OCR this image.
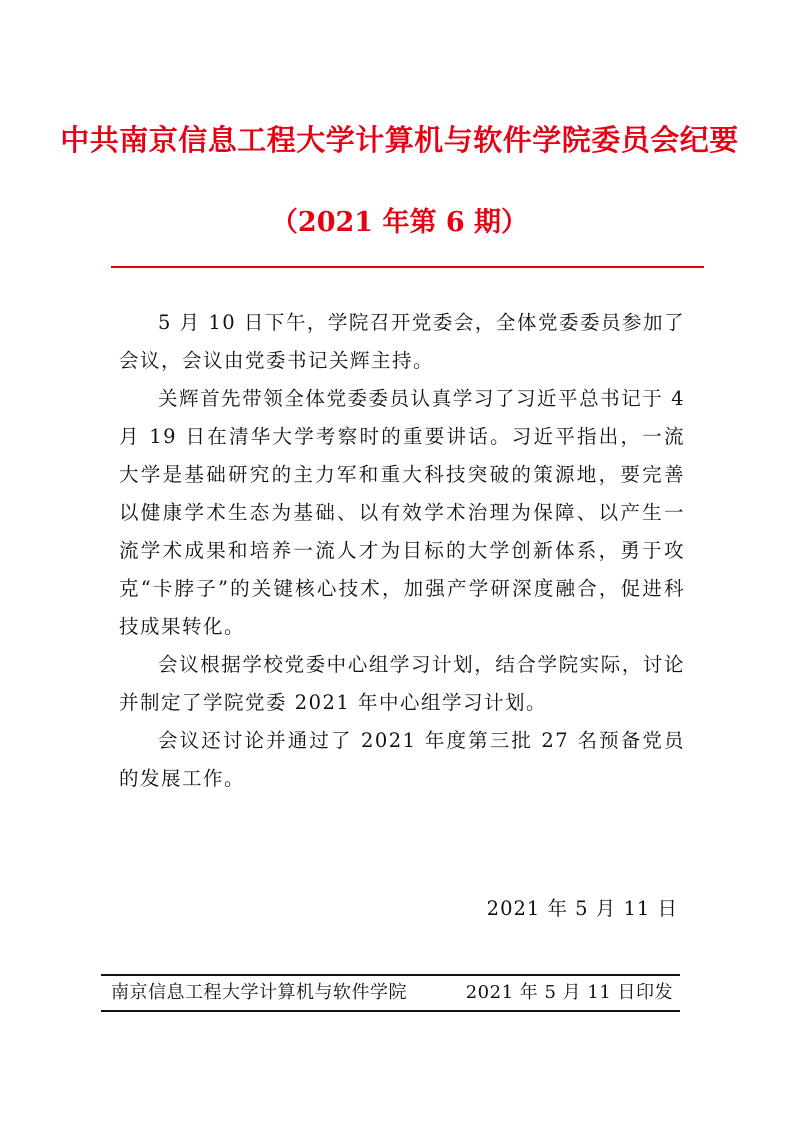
中共南京信息工程大学计算机与软件学院委员会纪要
（2021 年第 6 期）

5 月 10 日下午，学院召开党委会，全体党委委员参加了会议，会议由党委书记关辉主持。

关辉首先带领全体党委委员认真学习了习近平总书记于 4 月 19 日在清华大学考察时的重要讲话。习近平指出，一流大学是基础研究的主力军和重大科技突破的策源地，要完善以健康学术生态为基础、以有效学术治理为保障、以产生一流学术成果和培养一流人才为目标的大学创新体系，勇于攻克“卡脖子”的关键核心技术，加强产学研深度融合，促进科技成果转化。

会议根据学校党委中心组学习计划，结合学院实际，讨论并制定了学院党委 2021 年中心组学习计划。

会议还讨论并通过了 2021 年度第三批 27 名预备党员的发展工作。

2021 年 5 月 11 日
南京信息工程大学计算机与软件学院	2021 年 5 月 11 日印发
